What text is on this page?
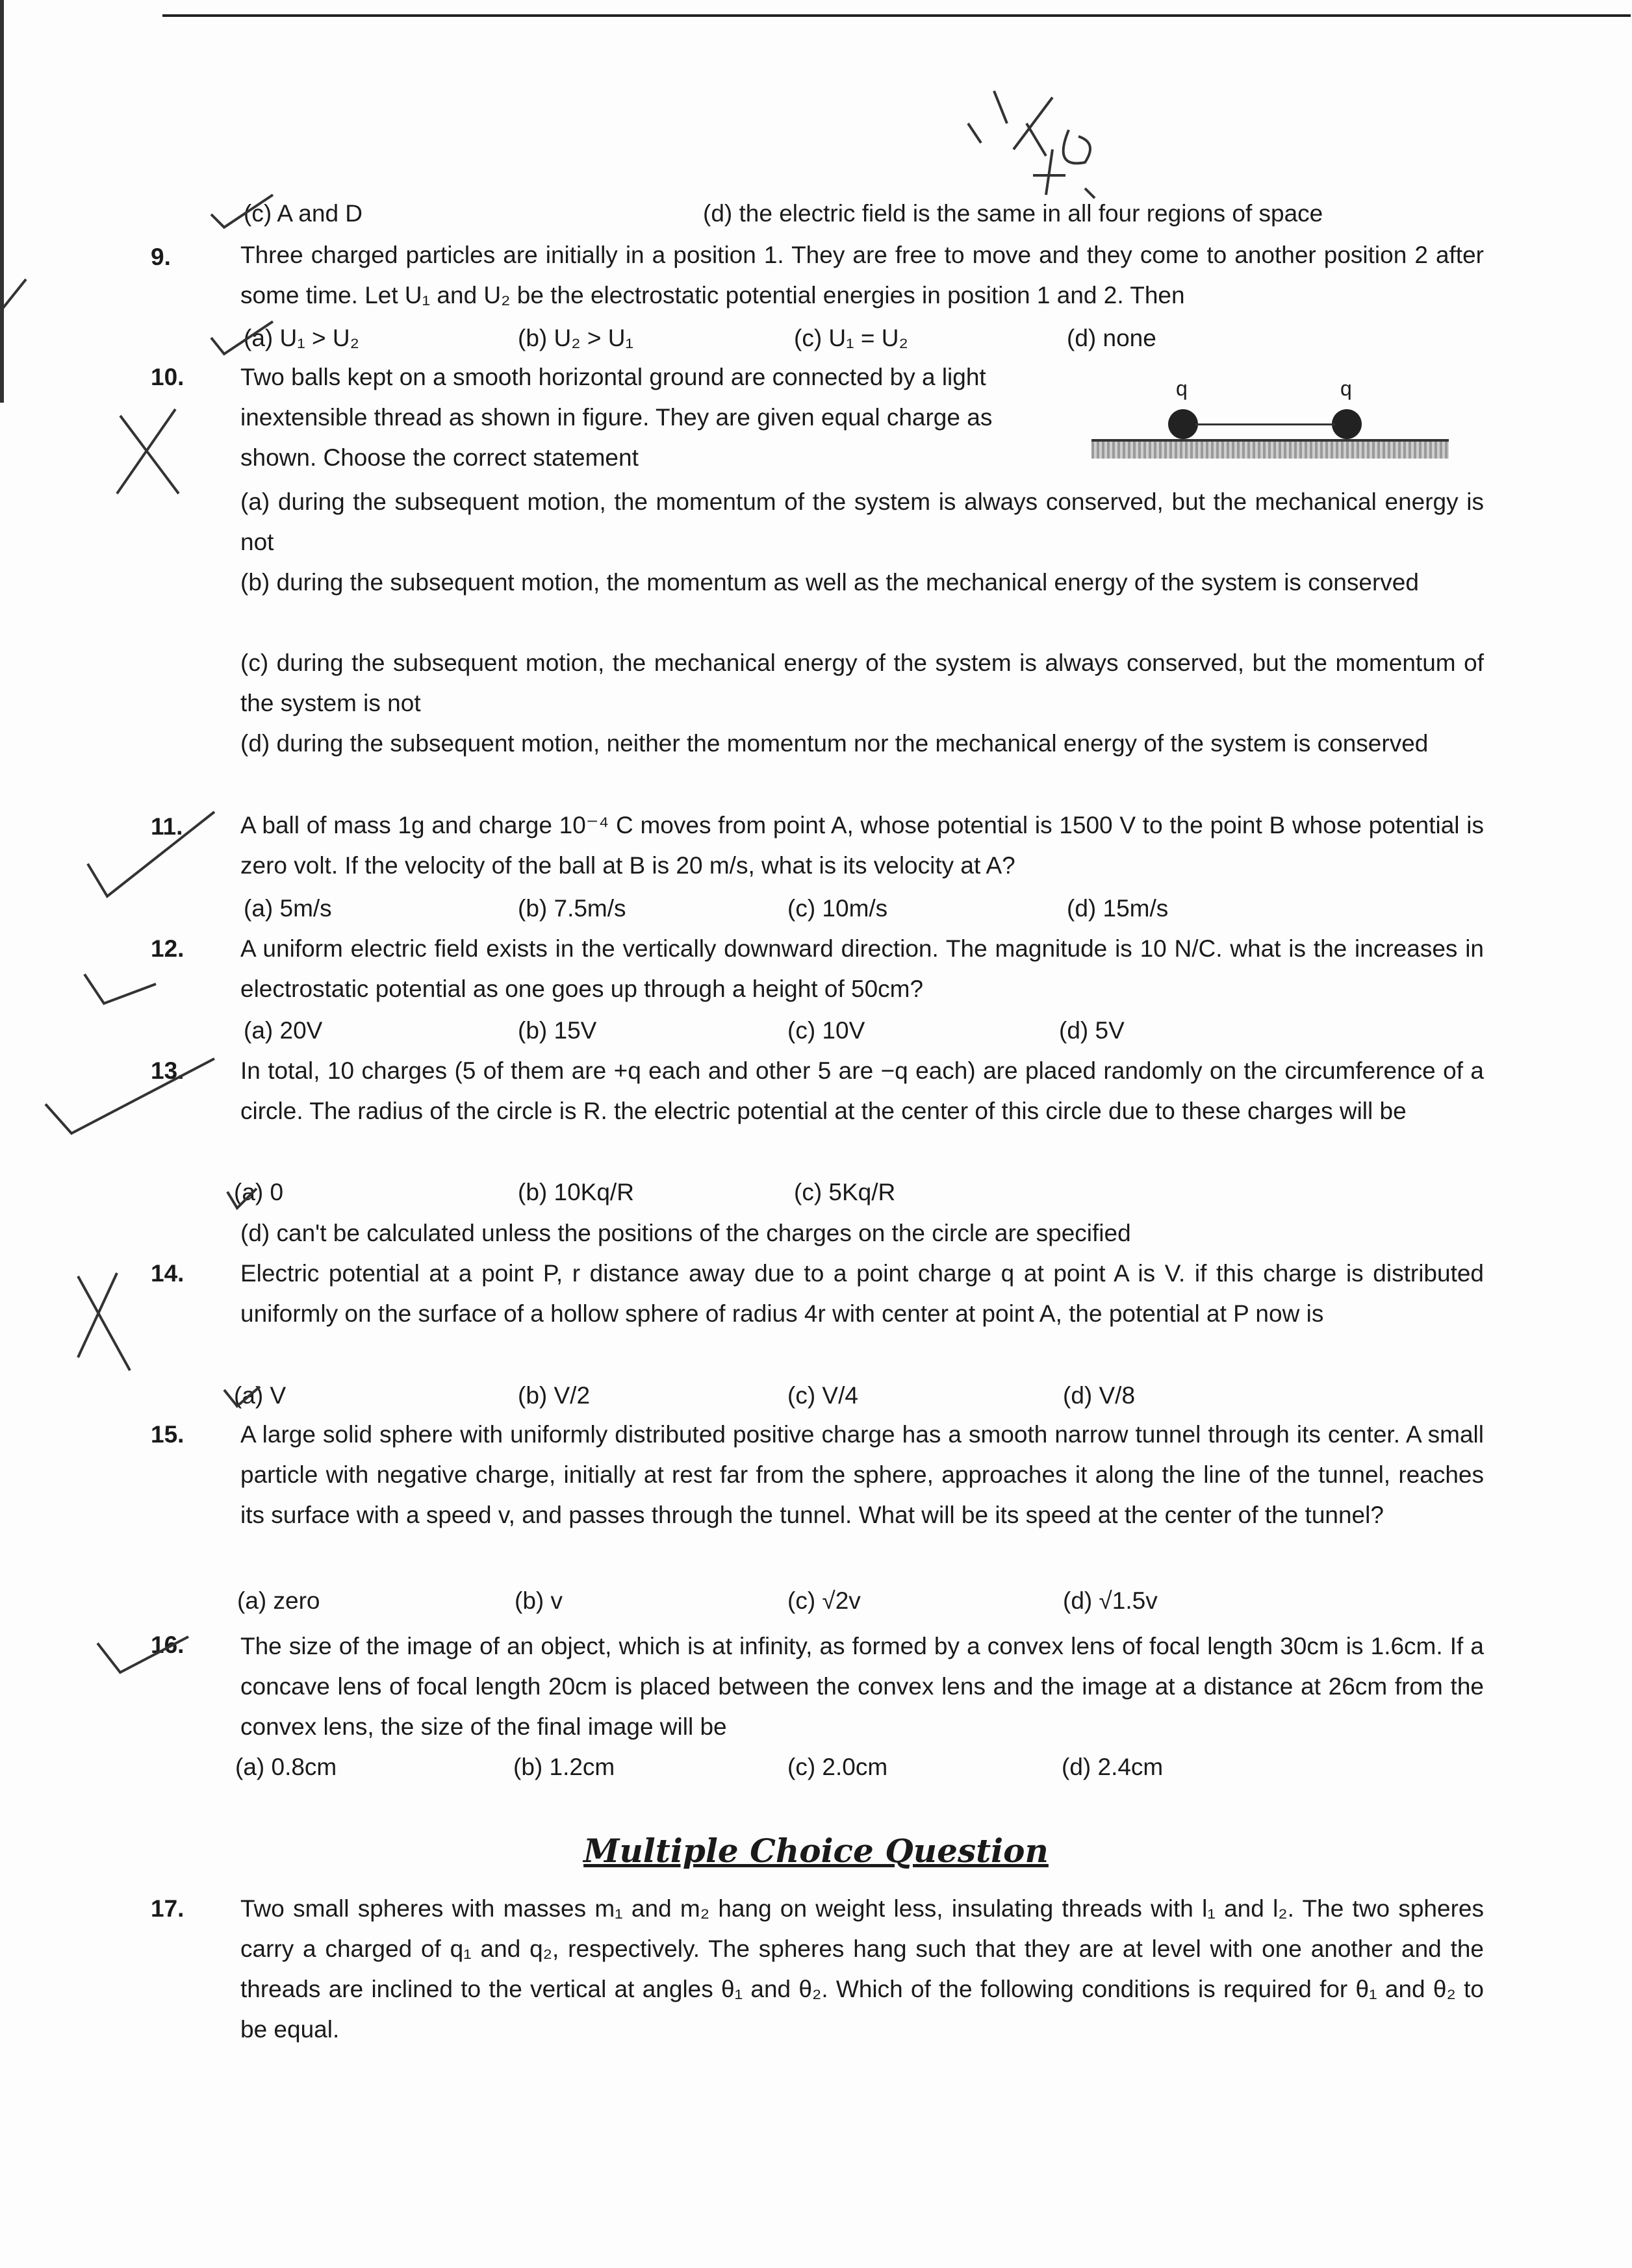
(c) A and D	(d) the electric field is the same in all four regions of space
9.	Three charged particles are initially in a position 1. They are free to move and they come to another position 2 after some time. Let U₁ and U₂ be the electrostatic potential energies in position 1 and 2. Then
(a) U₁ > U₂	(b) U₂ > U₁	(c) U₁ = U₂	(d) none
10. Two balls kept on a smooth horizontal ground are connected by a light
inextensible thread as shown in figure. They are given equal charge as
shown. Choose the correct statement
q	q
(a) during the subsequent motion, the momentum of the system is always conserved, but the mechanical energy is not
(b) during the subsequent motion, the momentum as well as the mechanical energy of the system is conserved
(c) during the subsequent motion, the mechanical energy of the system is always conserved, but the momentum of the system is not
(d) during the subsequent motion, neither the momentum nor the mechanical energy of the system is conserved
11. A ball of mass 1g and charge 10⁻⁴ C moves from point A, whose potential is 1500 V to the point B whose potential is zero volt. If the velocity of the ball at B is 20 m/s, what is its velocity at A?
(a) 5m/s	(b) 7.5m/s	(c) 10m/s	(d) 15m/s
12. A uniform electric field exists in the vertically downward direction. The magnitude is 10 N/C. what is the increases in electrostatic potential as one goes up through a height of 50cm?
(a) 20V	(b) 15V	(c) 10V	(d) 5V
13. In total, 10 charges (5 of them are +q each and other 5 are −q each) are placed randomly on the circumference of a circle. The radius of the circle is R. the electric potential at the center of this circle due to these charges will be
(a) 0	(b) 10Kq/R	(c) 5Kq/R
(d) can't be calculated unless the positions of the charges on the circle are specified
14. Electric potential at a point P, r distance away due to a point charge q at point A is V. if this charge is distributed uniformly on the surface of a hollow sphere of radius 4r with center at point A, the potential at P now is
(a) V	(b) V/2	(c) V/4	(d) V/8
15. A large solid sphere with uniformly distributed positive charge has a smooth narrow tunnel through its center. A small particle with negative charge, initially at rest far from the sphere, approaches it along the line of the tunnel, reaches its surface with a speed v, and passes through the tunnel. What will be its speed at the center of the tunnel?
(a) zero	(b) v	(c) √2v	(d) √1.5v
16. The size of the image of an object, which is at infinity, as formed by a convex lens of focal length 30cm is 1.6cm. If a concave lens of focal length 20cm is placed between the convex lens and the image at a distance at 26cm from the convex lens, the size of the final image will be
(a) 0.8cm	(b) 1.2cm	(c) 2.0cm	(d) 2.4cm
Multiple Choice Question
17. Two small spheres with masses m₁ and m₂ hang on weight less, insulating threads with l₁ and l₂. The two spheres carry a charged of q₁ and q₂, respectively. The spheres hang such that they are at level with one another and the threads are inclined to the vertical at angles θ₁ and θ₂. Which of the following conditions is required for θ₁ and θ₂ to be equal.
